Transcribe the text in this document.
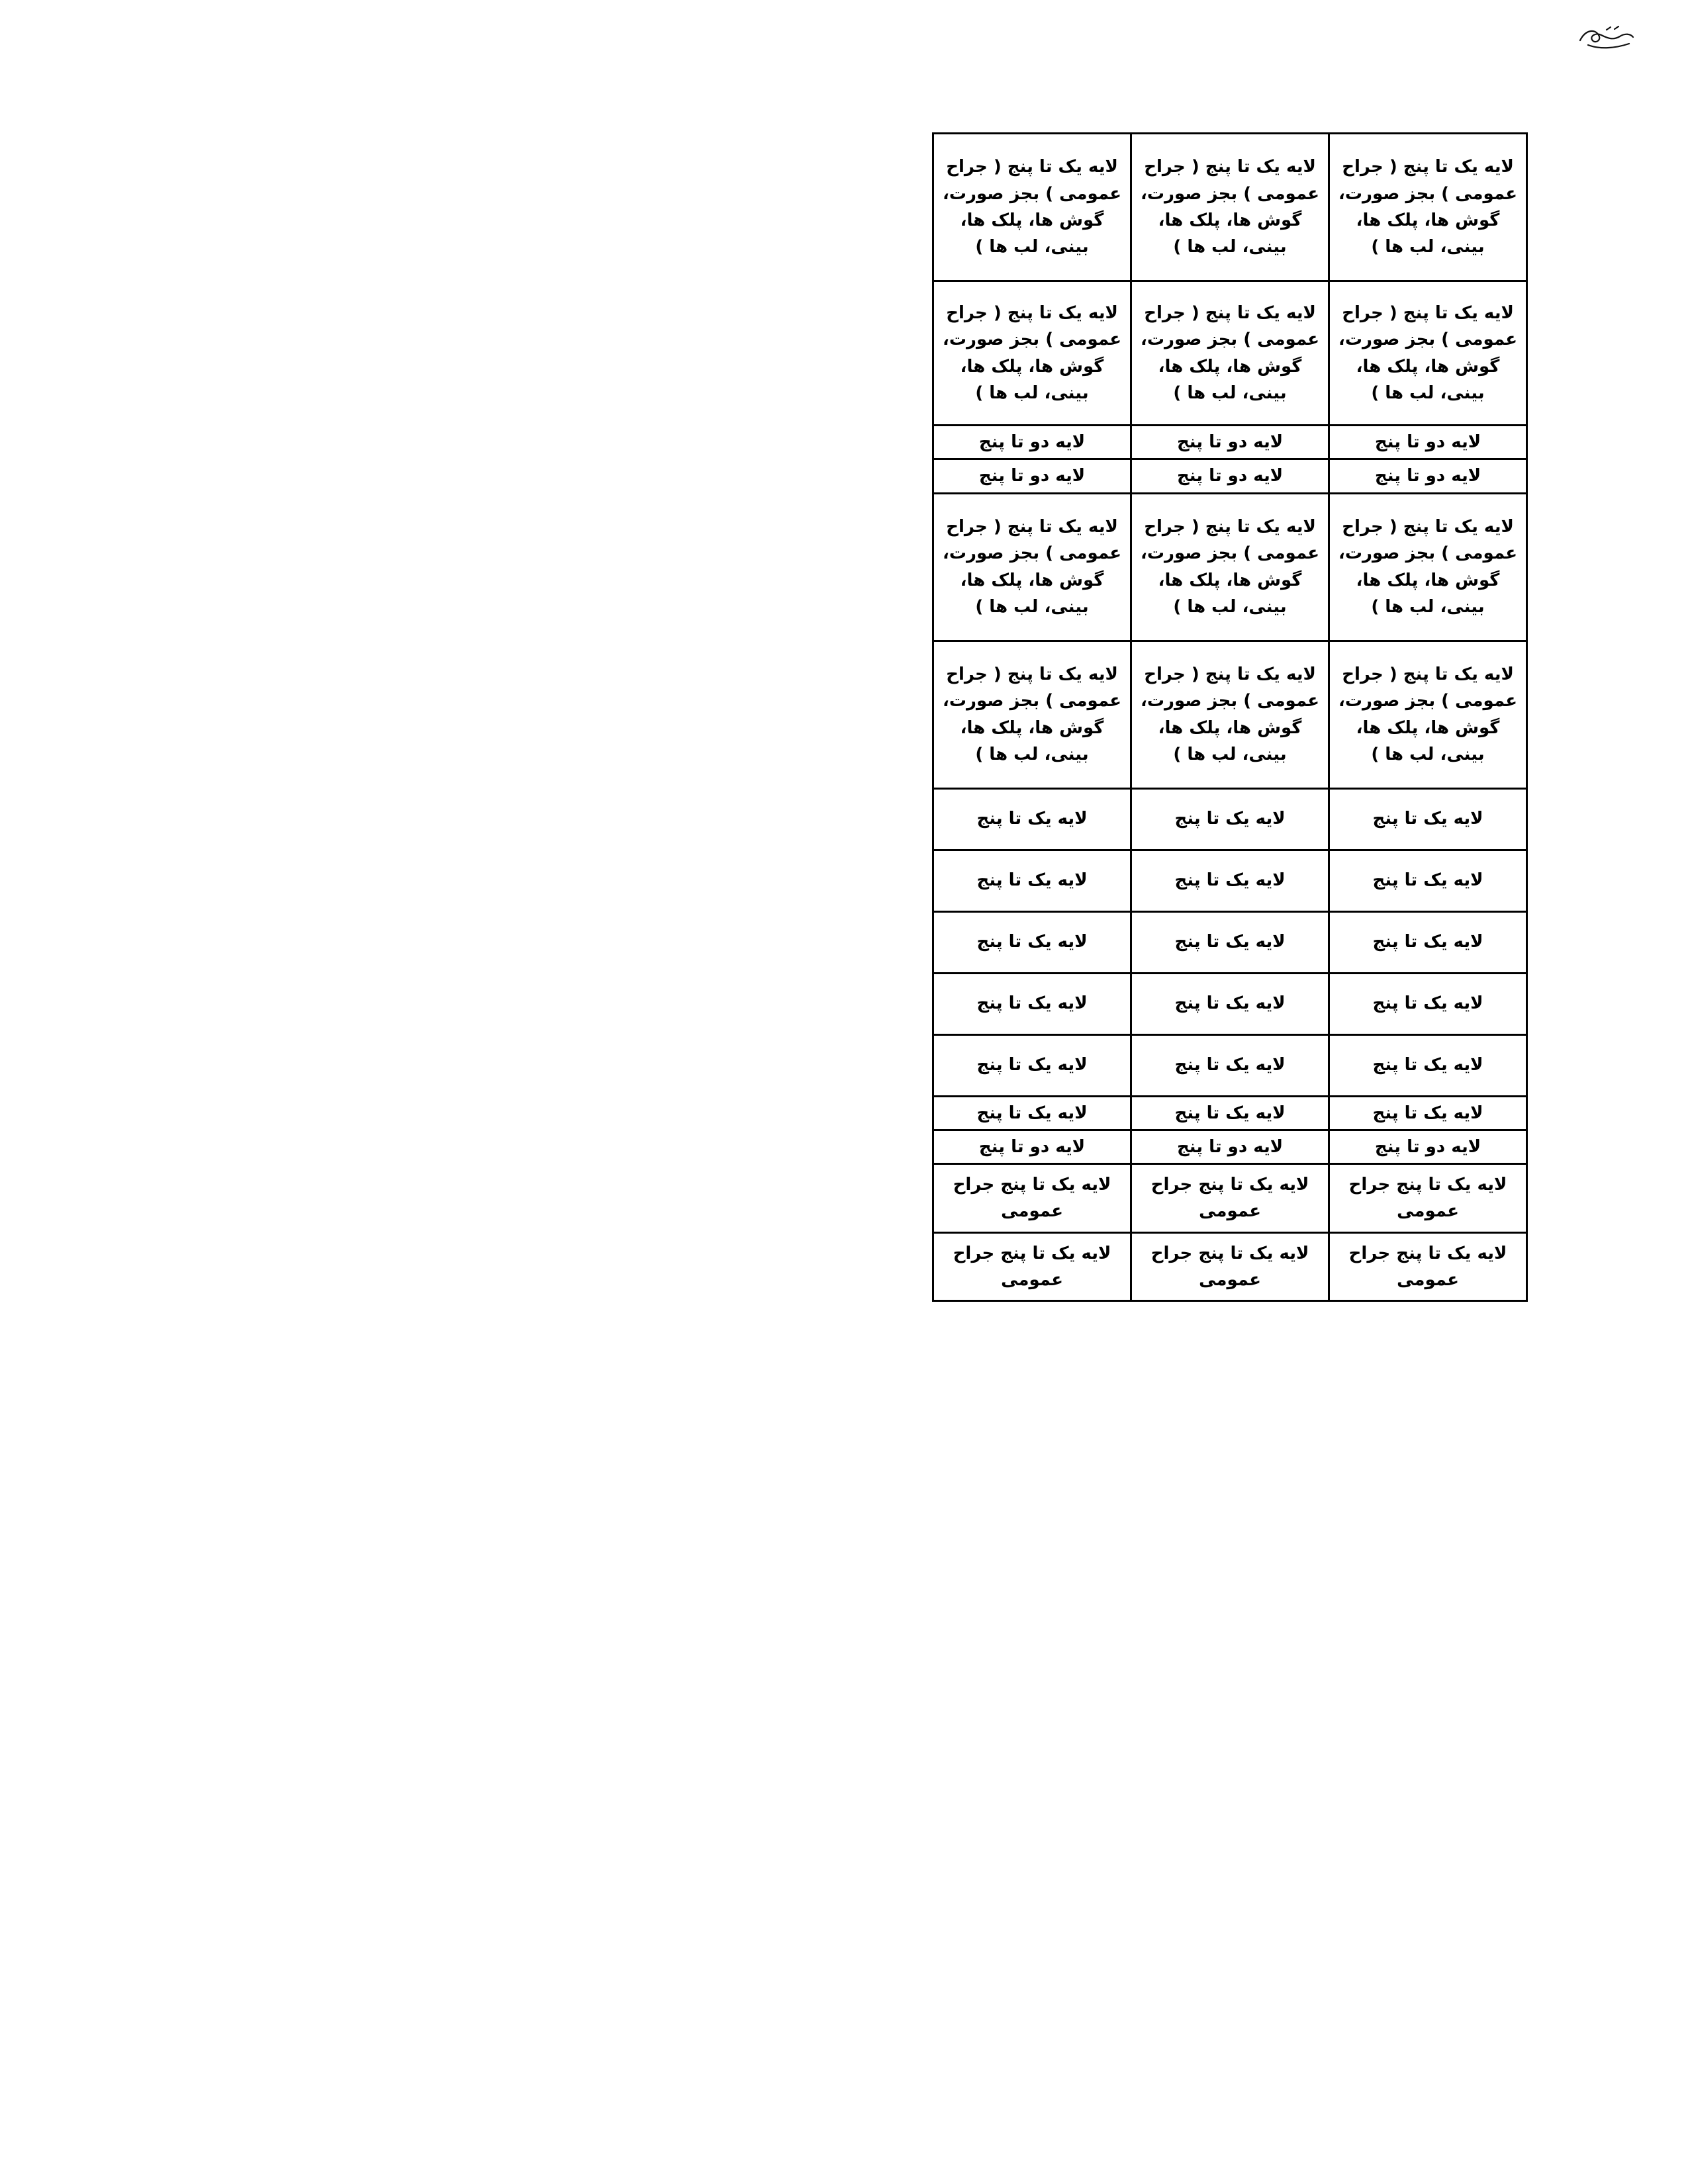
لایه یک تا پنج ( جراح عمومی ) بجز صورت، گوش ها، پلک ها، بینی، لب ها )	لایه یک تا پنج ( جراح عمومی ) بجز صورت، گوش ها، پلک ها، بینی، لب ها )	لایه یک تا پنج ( جراح عمومی ) بجز صورت، گوش ها، پلک ها، بینی، لب ها )
لایه یک تا پنج ( جراح عمومی ) بجز صورت، گوش ها، پلک ها، بینی، لب ها )	لایه یک تا پنج ( جراح عمومی ) بجز صورت، گوش ها، پلک ها، بینی، لب ها )	لایه یک تا پنج ( جراح عمومی ) بجز صورت، گوش ها، پلک ها، بینی، لب ها )
لایه دو تا پنج	لایه دو تا پنج	لایه دو تا پنج
لایه دو تا پنج	لایه دو تا پنج	لایه دو تا پنج
لایه یک تا پنج ( جراح عمومی ) بجز صورت، گوش ها، پلک ها، بینی، لب ها )	لایه یک تا پنج ( جراح عمومی ) بجز صورت، گوش ها، پلک ها، بینی، لب ها )	لایه یک تا پنج ( جراح عمومی ) بجز صورت، گوش ها، پلک ها، بینی، لب ها )
لایه یک تا پنج ( جراح عمومی ) بجز صورت، گوش ها، پلک ها، بینی، لب ها )	لایه یک تا پنج ( جراح عمومی ) بجز صورت، گوش ها، پلک ها، بینی، لب ها )	لایه یک تا پنج ( جراح عمومی ) بجز صورت، گوش ها، پلک ها، بینی، لب ها )
لایه یک تا پنج	لایه یک تا پنج	لایه یک تا پنج
لایه یک تا پنج	لایه یک تا پنج	لایه یک تا پنج
لایه یک تا پنج	لایه یک تا پنج	لایه یک تا پنج
لایه یک تا پنج	لایه یک تا پنج	لایه یک تا پنج
لایه یک تا پنج	لایه یک تا پنج	لایه یک تا پنج
لایه یک تا پنج	لایه یک تا پنج	لایه یک تا پنج
لایه دو تا پنج	لایه دو تا پنج	لایه دو تا پنج
لایه یک تا پنج جراح عمومی	لایه یک تا پنج جراح عمومی	لایه یک تا پنج جراح عمومی
لایه یک تا پنج جراح عمومی	لایه یک تا پنج جراح عمومی	لایه یک تا پنج جراح عمومی
